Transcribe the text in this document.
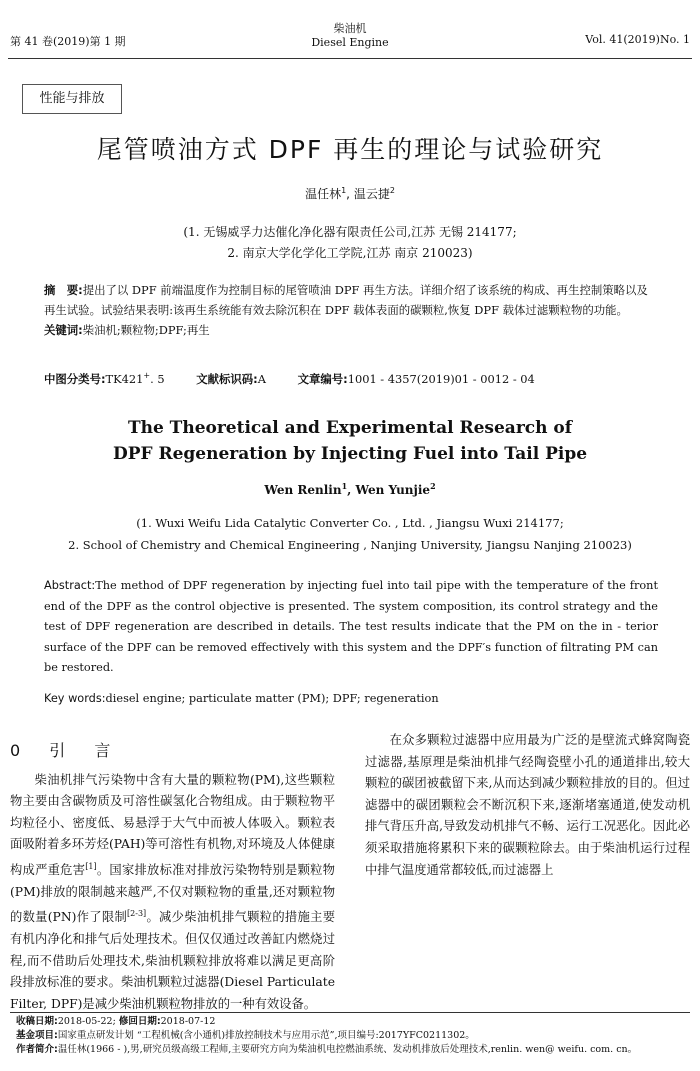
第 41 卷(2019)第 1 期
柴油机
Diesel Engine	Vol. 41(2019)No. 1
性能与排放
尾管喷油方式 DPF 再生的理论与试验研究
温任林$^1$, 温云捷$^2$
(1. 无锡威孚力达催化净化器有限责任公司,江苏 无锡 214177;
2. 南京大学化学化工学院,江苏 南京 210023)
摘　要:提出了以 DPF 前端温度作为控制目标的尾管喷油 DPF 再生方法。详细介绍了该系统的构成、再生控制策略以及再生试验。试验结果表明:该再生系统能有效去除沉积在 DPF 载体表面的碳颗粒,恢复 DPF 载体过滤颗粒物的功能。
关键词:柴油机;颗粒物;DPF;再生
中图分类号:TK421+. 5	文献标识码:A	文章编号:1001 - 4357(2019)01 - 0012 - 04
The Theoretical and Experimental Research of
DPF Regeneration by Injecting Fuel into Tail Pipe
Wen Renlin$^1$, Wen Yunjie$^2$
(1. Wuxi Weifu Lida Catalytic Converter Co. , Ltd. , Jiangsu Wuxi 214177;
2. School of Chemistry and Chemical Engineering , Nanjing University, Jiangsu Nanjing 210023)
Abstract:The method of DPF regeneration by injecting fuel into tail pipe with the temperature of the front end of the DPF as the control objective is presented. The system composition, its control strategy and the test of DPF regeneration are described in details. The test results indicate that the PM on the in - terior surface of the DPF can be removed effectively with this system and the DPF′s function of filtrating PM can be restored.
Key words:diesel engine; particulate matter (PM); DPF; regeneration
0 引 言

柴油机排气污染物中含有大量的颗粒物(PM),这些颗粒物主要由含碳物质及可溶性碳氢化合物组成。由于颗粒物平均粒径小、密度低、易悬浮于大气中而被人体吸入。颗粒表面吸附着多环芳烃(PAH)等可溶性有机物,对环境及人体健康构成严重危害[1]。国家排放标准对排放污染物特别是颗粒物(PM)排放的限制越来越严,不仅对颗粒物的重量,还对颗粒物的数量(PN)作了限制[2-3]。减少柴油机排气颗粒的措施主要有机内净化和排气后处理技术。但仅仅通过改善缸内燃烧过程,而不借助后处理技术,柴油机颗粒排放将难以满足更高阶段排放标准的要求。柴油机颗粒过滤器(Diesel Particulate Filter, DPF)是减少柴油机颗粒物排放的一种有效设备。

在众多颗粒过滤器中应用最为广泛的是壁流式蜂窝陶瓷过滤器,基原理是柴油机排气经陶瓷壁小孔的通道排出,较大颗粒的碳团被截留下来,从而达到减少颗粒排放的目的。但过滤器中的碳团颗粒会不断沉积下来,逐渐堵塞通道,使发动机排气背压升高,导致发动机排气不畅、运行工况恶化。因此必须采取措施将累积下来的碳颗粒除去。由于柴油机运行过程中排气温度通常都较低,而过滤器上

收稿日期:2018-05-22; 修回日期:2018-07-12
基金项目:国家重点研发计划 “工程机械(含小通机)排放控制技术与应用示范”,项目编号:2017YFC0211302。
作者简介:温任林(1966 - ),男,研究员级高级工程师,主要研究方向为柴油机电控燃油系统、发动机排放后处理技术,renlin. wen@ weifu. com. cn。
